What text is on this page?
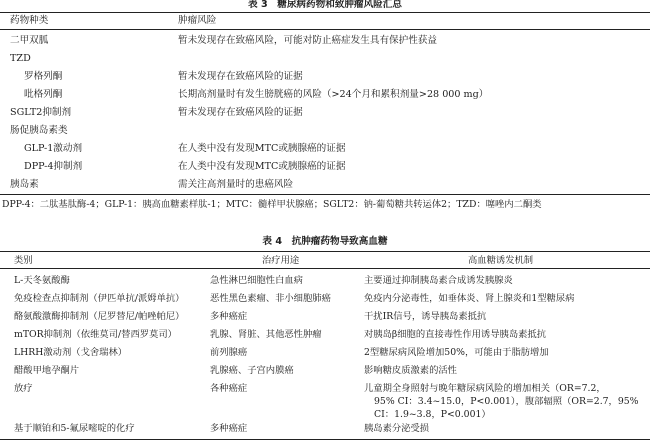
表 3　糖尿病药物和致肿瘤风险汇总
药物种类	肿瘤风险
二甲双胍	暂未发现存在致癌风险，可能对防止癌症发生具有保护性获益
TZD
罗格列酮	暂未发现存在致癌风险的证据
吡格列酮	长期高剂量时有发生膀胱癌的风险（>24个月和累积剂量>28 000 mg）
SGLT2抑制剂	暂未发现存在致癌风险的证据
肠促胰岛素类
GLP-1激动剂	在人类中没有发现MTC或胰腺癌的证据
DPP-4抑制剂	在人类中没有发现MTC或胰腺癌的证据
胰岛素	需关注高剂量时的患癌风险
DPP-4：二肽基肽酶-4；GLP-1：胰高血糖素样肽-1；MTC：髓样甲状腺癌；SGLT2：钠-葡萄糖共转运体2；TZD：噻唑内二酮类
表 4　抗肿瘤药物导致高血糖
类别	治疗用途	高血糖诱发机制
L-天冬氨酸酶	急性淋巴细胞性白血病	主要通过抑制胰岛素合成诱发胰腺炎
免疫检查点抑制剂（伊匹单抗/派姆单抗）	恶性黑色素瘤、非小细胞肺癌	免疫内分泌毒性，如垂体炎、肾上腺炎和1型糖尿病
酪氨酸激酶抑制剂（尼罗替尼/帕唑帕尼）	多种癌症	干扰IR信号，诱导胰岛素抵抗
mTOR抑制剂（依维莫司/替西罗莫司）	乳腺、肾脏、其他恶性肿瘤	对胰岛β细胞的直接毒性作用诱导胰岛素抵抗
LHRH激动剂（戈舍瑞林）	前列腺癌	2型糖尿病风险增加50%，可能由于脂肪增加
醋酸甲地孕酮片	乳腺癌、子宫内膜癌	影响糖皮质激素的活性
放疗	各种癌症	儿童期全身照射与晚年糖尿病风险的增加相关（OR=7.2，
95% CI：3.4~15.0，P<0.001），腹部辐照（OR=2.7，95%
CI：1.9~3.8，P<0.001）
基于顺铂和5-氟尿嘧啶的化疗	多种癌症	胰岛素分泌受损
